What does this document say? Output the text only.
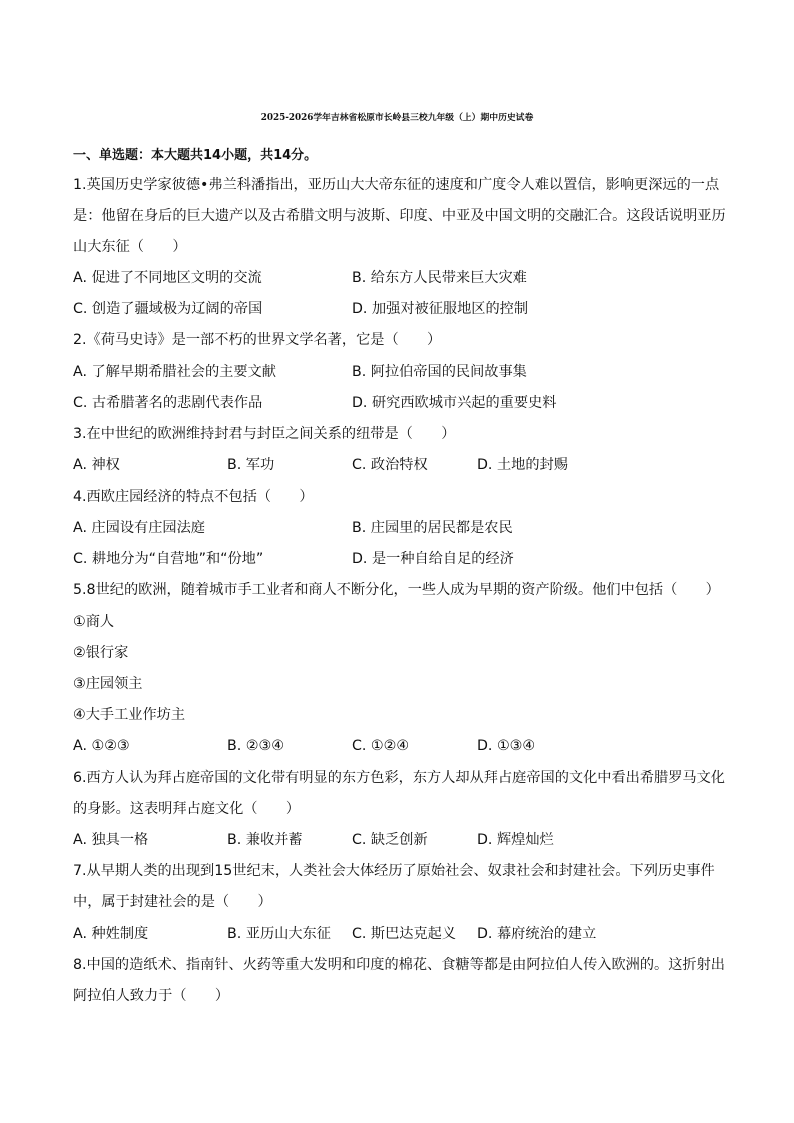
2025-2026学年吉林省松原市长岭县三校九年级（上）期中历史试卷
一、单选题：本大题共14小题，共14分。
1.英国历史学家彼德•弗兰科潘指出，亚历山大大帝东征的速度和广度令人难以置信，影响更深远的一点
是：他留在身后的巨大遗产以及古希腊文明与波斯、印度、中亚及中国文明的交融汇合。这段话说明亚历
山大东征（　　）
A. 促进了不同地区文明的交流	B. 给东方人民带来巨大灾难
C. 创造了疆域极为辽阔的帝国	D. 加强对被征服地区的控制
2.《荷马史诗》是一部不朽的世界文学名著，它是（　　）
A. 了解早期希腊社会的主要文献	B. 阿拉伯帝国的民间故事集
C. 古希腊著名的悲剧代表作品	D. 研究西欧城市兴起的重要史料
3.在中世纪的欧洲维持封君与封臣之间关系的纽带是（　　）
A. 神权	B. 军功	C. 政治特权	D. 土地的封赐
4.西欧庄园经济的特点不包括（　　）
A. 庄园设有庄园法庭	B. 庄园里的居民都是农民
C. 耕地分为“自营地”和“份地”	D. 是一种自给自足的经济
5.8世纪的欧洲，随着城市手工业者和商人不断分化，一些人成为早期的资产阶级。他们中包括（　　）
①商人
②银行家
③庄园领主
④大手工业作坊主
A. ①②③	B. ②③④	C. ①②④	D. ①③④
6.西方人认为拜占庭帝国的文化带有明显的东方色彩，东方人却从拜占庭帝国的文化中看出希腊罗马文化
的身影。这表明拜占庭文化（　　）
A. 独具一格	B. 兼收并蓄	C. 缺乏创新	D. 辉煌灿烂
7.从早期人类的出现到15世纪末，人类社会大体经历了原始社会、奴隶社会和封建社会。下列历史事件
中，属于封建社会的是（　　）
A. 种姓制度	B. 亚历山大东征 C. 斯巴达克起义 D. 幕府统治的建立
8.中国的造纸术、指南针、火药等重大发明和印度的棉花、食糖等都是由阿拉伯人传入欧洲的。这折射出
阿拉伯人致力于（　　）
